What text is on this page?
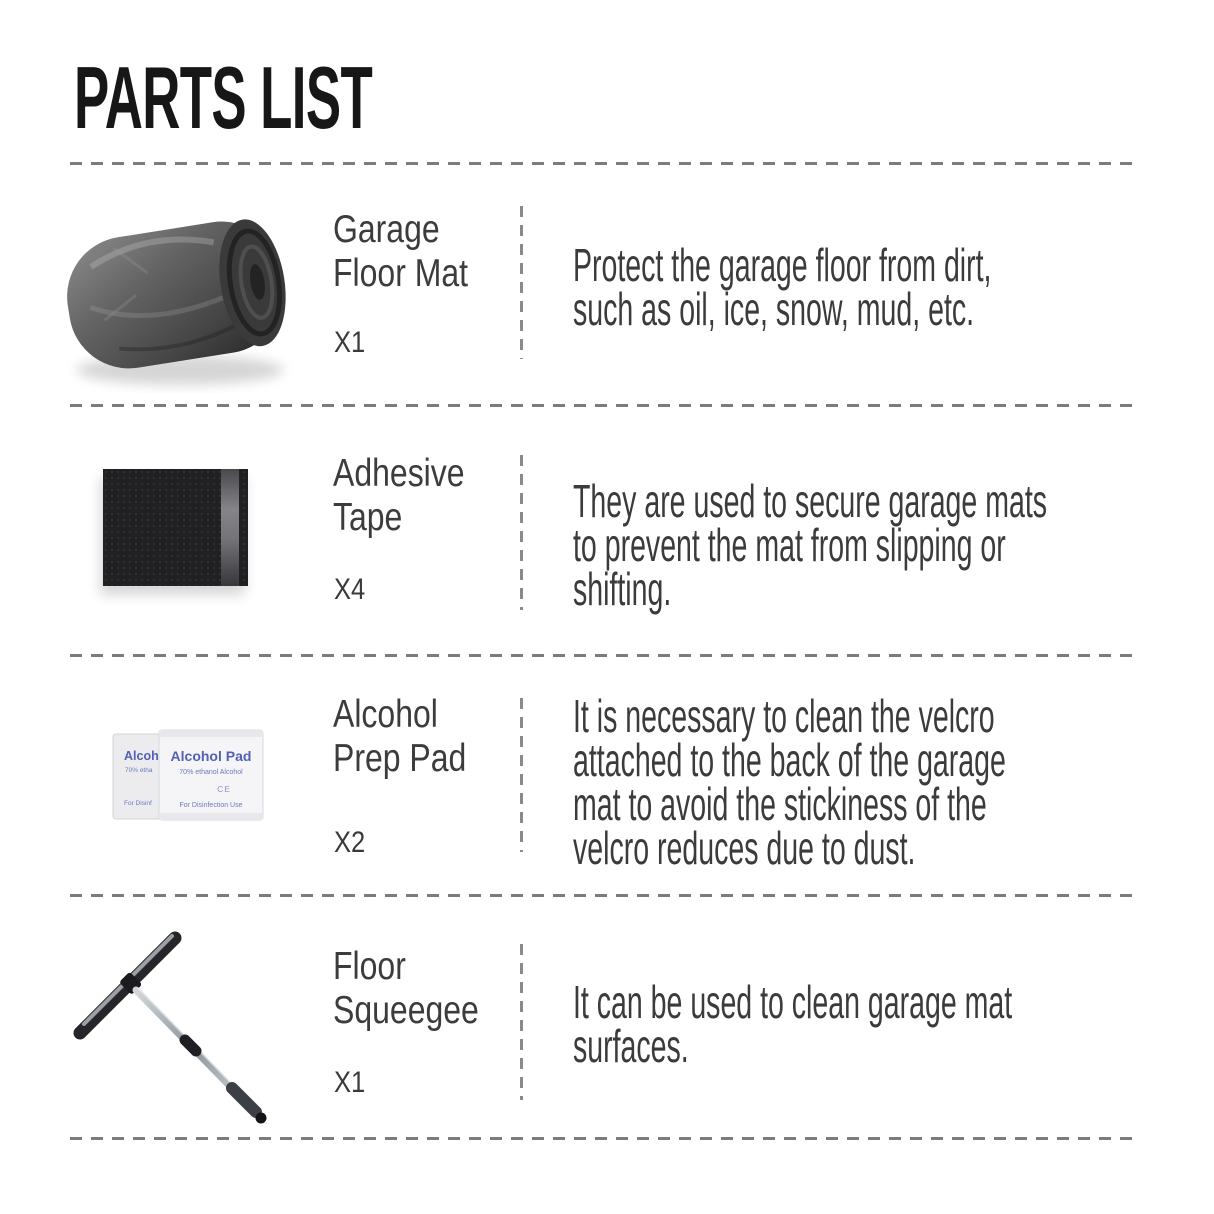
PARTS LIST
Garage
Floor Mat
X1
Protect the garage floor from dirt,
such as oil, ice, snow, mud, etc.
Adhesive
Tape
X4
They are used to secure garage mats
to prevent the mat from slipping or
shifting.
Alcoh
70% etha
For Disinf
Alcohol Pad
70% ethanol Alcohol
CE
For Disinfection Use
Alcohol
Prep Pad
X2
It is necessary to clean the velcro
attached to the back of the garage
mat to avoid the stickiness of the
velcro reduces due to dust.
Floor
Squeegee
X1
It can be used to clean garage mat
surfaces.
